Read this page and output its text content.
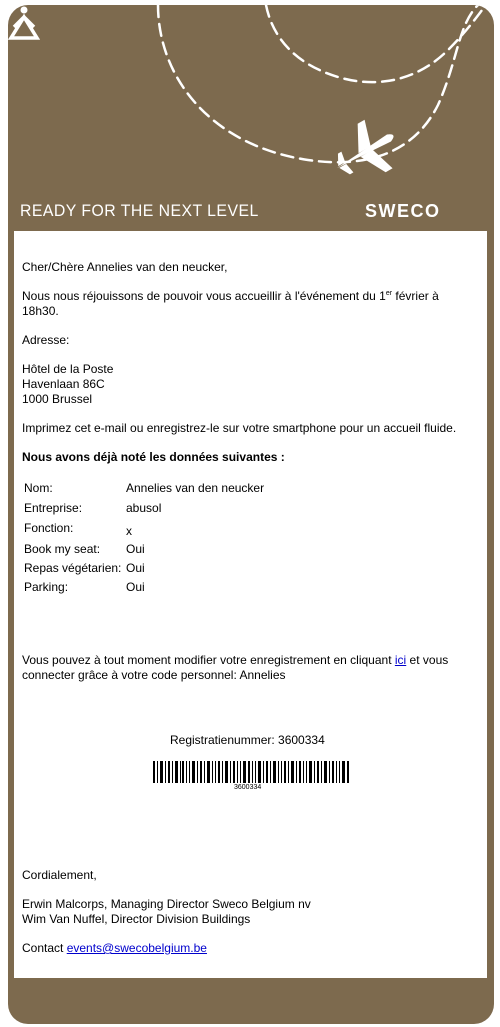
READY FOR THE NEXT LEVEL	SWECO

Cher/Chère Annelies van den neucker,

Nous nous réjouissons de pouvoir vous accueillir à l'événement du 1er février à

18h30.

Adresse:

Hôtel de la Poste

Havenlaan 86C

1000 Brussel

Imprimez cet e-mail ou enregistrez-le sur votre smartphone pour un accueil fluide.

Nous avons déjà noté les données suivantes :

Nom:	Annelies van den neucker
Entreprise:	abusol
Fonction:	x
Book my seat: Oui
Repas végétarien: Oui
Parking:	Oui

Vous pouvez à tout moment modifier votre enregistrement en cliquant ici et vous

connecter grâce à votre code personnel: Annelies

Registratienummer: 3600334

3600334

Cordialement,

Erwin Malcorps, Managing Director Sweco Belgium nv

Wim Van Nuffel, Director Division Buildings

Contact events@swecobelgium.be
